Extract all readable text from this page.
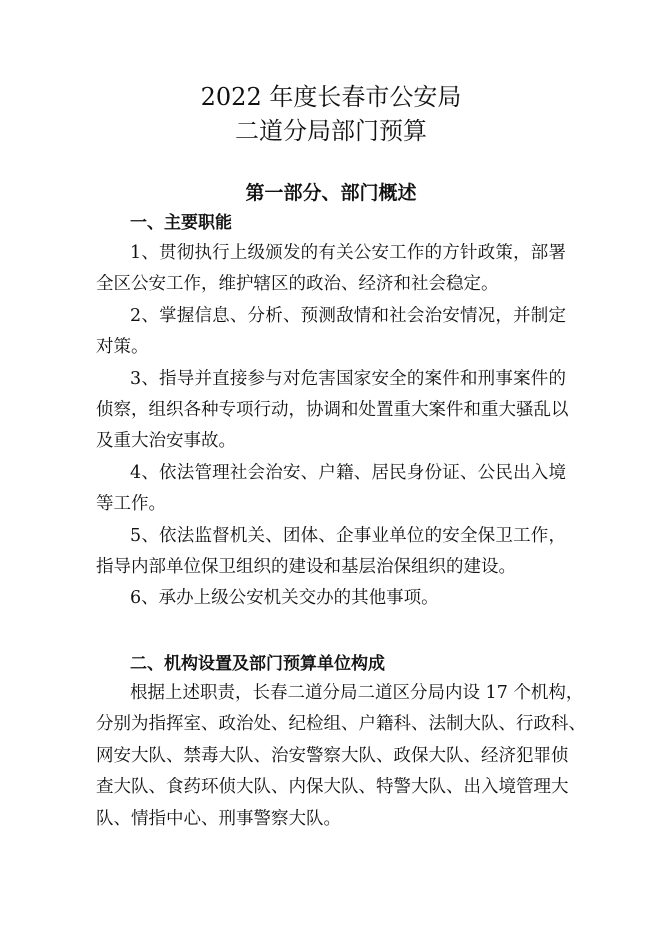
2022 年度长春市公安局
二道分局部门预算
第一部分、部门概述
一、主要职能
1、贯彻执行上级颁发的有关公安工作的方针政策，部署
全区公安工作，维护辖区的政治、经济和社会稳定。
2、掌握信息、分析、预测敌情和社会治安情况，并制定
对策。
3、指导并直接参与对危害国家安全的案件和刑事案件的
侦察，组织各种专项行动，协调和处置重大案件和重大骚乱以
及重大治安事故。
4、依法管理社会治安、户籍、居民身份证、公民出入境
等工作。
5、依法监督机关、团体、企事业单位的安全保卫工作，
指导内部单位保卫组织的建设和基层治保组织的建设。
6、承办上级公安机关交办的其他事项。
二、机构设置及部门预算单位构成
根据上述职责，长春二道分局二道区分局内设 17 个机构，
分别为指挥室、政治处、纪检组、户籍科、法制大队、行政科、
网安大队、禁毒大队、治安警察大队、政保大队、经济犯罪侦
查大队、食药环侦大队、内保大队、特警大队、出入境管理大
队、情指中心、刑事警察大队。
